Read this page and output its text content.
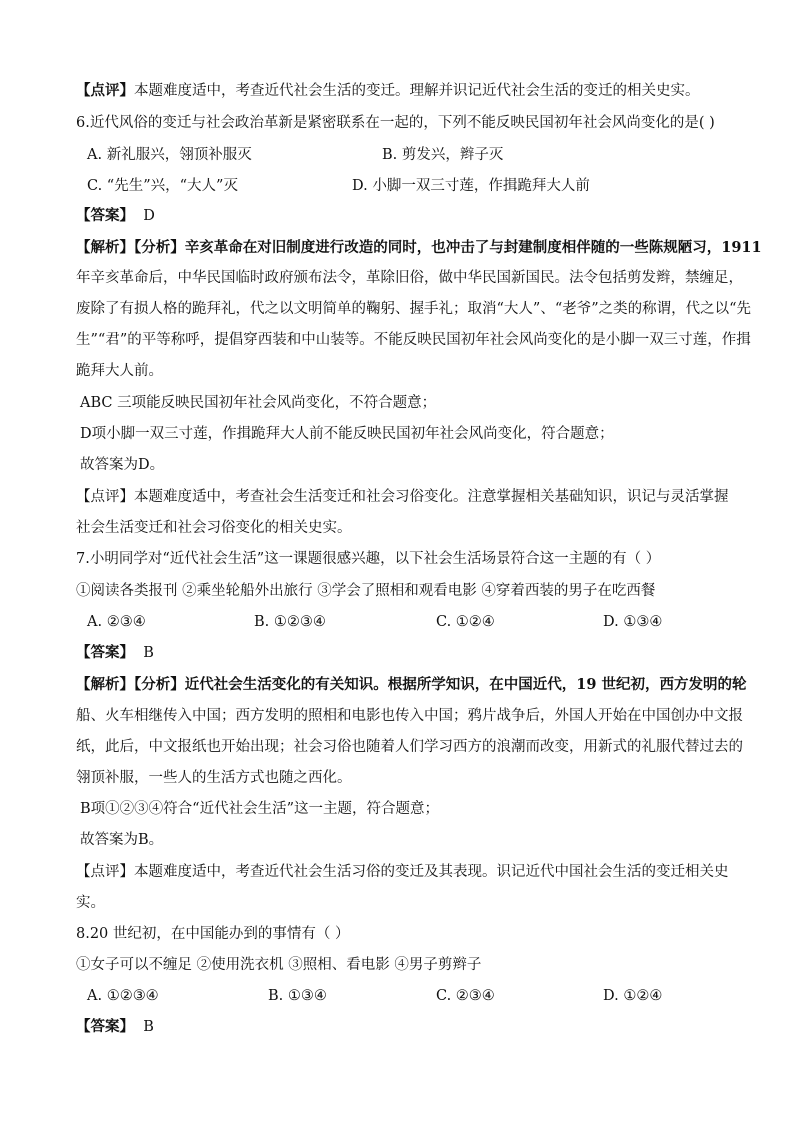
【点评】本题难度适中，考查近代社会生活的变迁。理解并识记近代社会生活的变迁的相关史实。
6.近代风俗的变迁与社会政治革新是紧密联系在一起的，下列不能反映民国初年社会风尚变化的是( )
A. 新礼服兴，翎顶补服灭	B. 剪发兴，辫子灭
C. “先生”兴，“大人”灭	D. 小脚一双三寸莲，作揖跪拜大人前
【答案】 D
【解析】【分析】辛亥革命在对旧制度进行改造的同时，也冲击了与封建制度相伴随的一些陈规陋习，1911
年辛亥革命后，中华民国临时政府颁布法令，革除旧俗，做中华民国新国民。法令包括剪发辫，禁缠足，
废除了有损人格的跪拜礼，代之以文明简单的鞠躬、握手礼；取消“大人”、“老爷”之类的称谓，代之以“先
生”“君”的平等称呼，提倡穿西装和中山装等。不能反映民国初年社会风尚变化的是小脚一双三寸莲，作揖
跪拜大人前。
ABC 三项能反映民国初年社会风尚变化，不符合题意；
D项小脚一双三寸莲，作揖跪拜大人前不能反映民国初年社会风尚变化，符合题意；
故答案为D。
【点评】本题难度适中，考查社会生活变迁和社会习俗变化。注意掌握相关基础知识，识记与灵活掌握
社会生活变迁和社会习俗变化的相关史实。
7.小明同学对“近代社会生活”这一课题很感兴趣，以下社会生活场景符合这一主题的有（ ）
①阅读各类报刊 ②乘坐轮船外出旅行 ③学会了照相和观看电影 ④穿着西装的男子在吃西餐
A. ②③④	B. ①②③④	C. ①②④	D. ①③④
【答案】 B
【解析】【分析】近代社会生活变化的有关知识。根据所学知识，在中国近代，19 世纪初，西方发明的轮
船、火车相继传入中国；西方发明的照相和电影也传入中国；鸦片战争后，外国人开始在中国创办中文报
纸，此后，中文报纸也开始出现；社会习俗也随着人们学习西方的浪潮而改变，用新式的礼服代替过去的
翎顶补服，一些人的生活方式也随之西化。
B项①②③④符合“近代社会生活”这一主题，符合题意；
故答案为B。
【点评】本题难度适中，考查近代社会生活习俗的变迁及其表现。识记近代中国社会生活的变迁相关史
实。
8.20 世纪初，在中国能办到的事情有（ ）
①女子可以不缠足 ②使用洗衣机 ③照相、看电影 ④男子剪辫子
A. ①②③④	B. ①③④	C. ②③④	D. ①②④
【答案】 B
